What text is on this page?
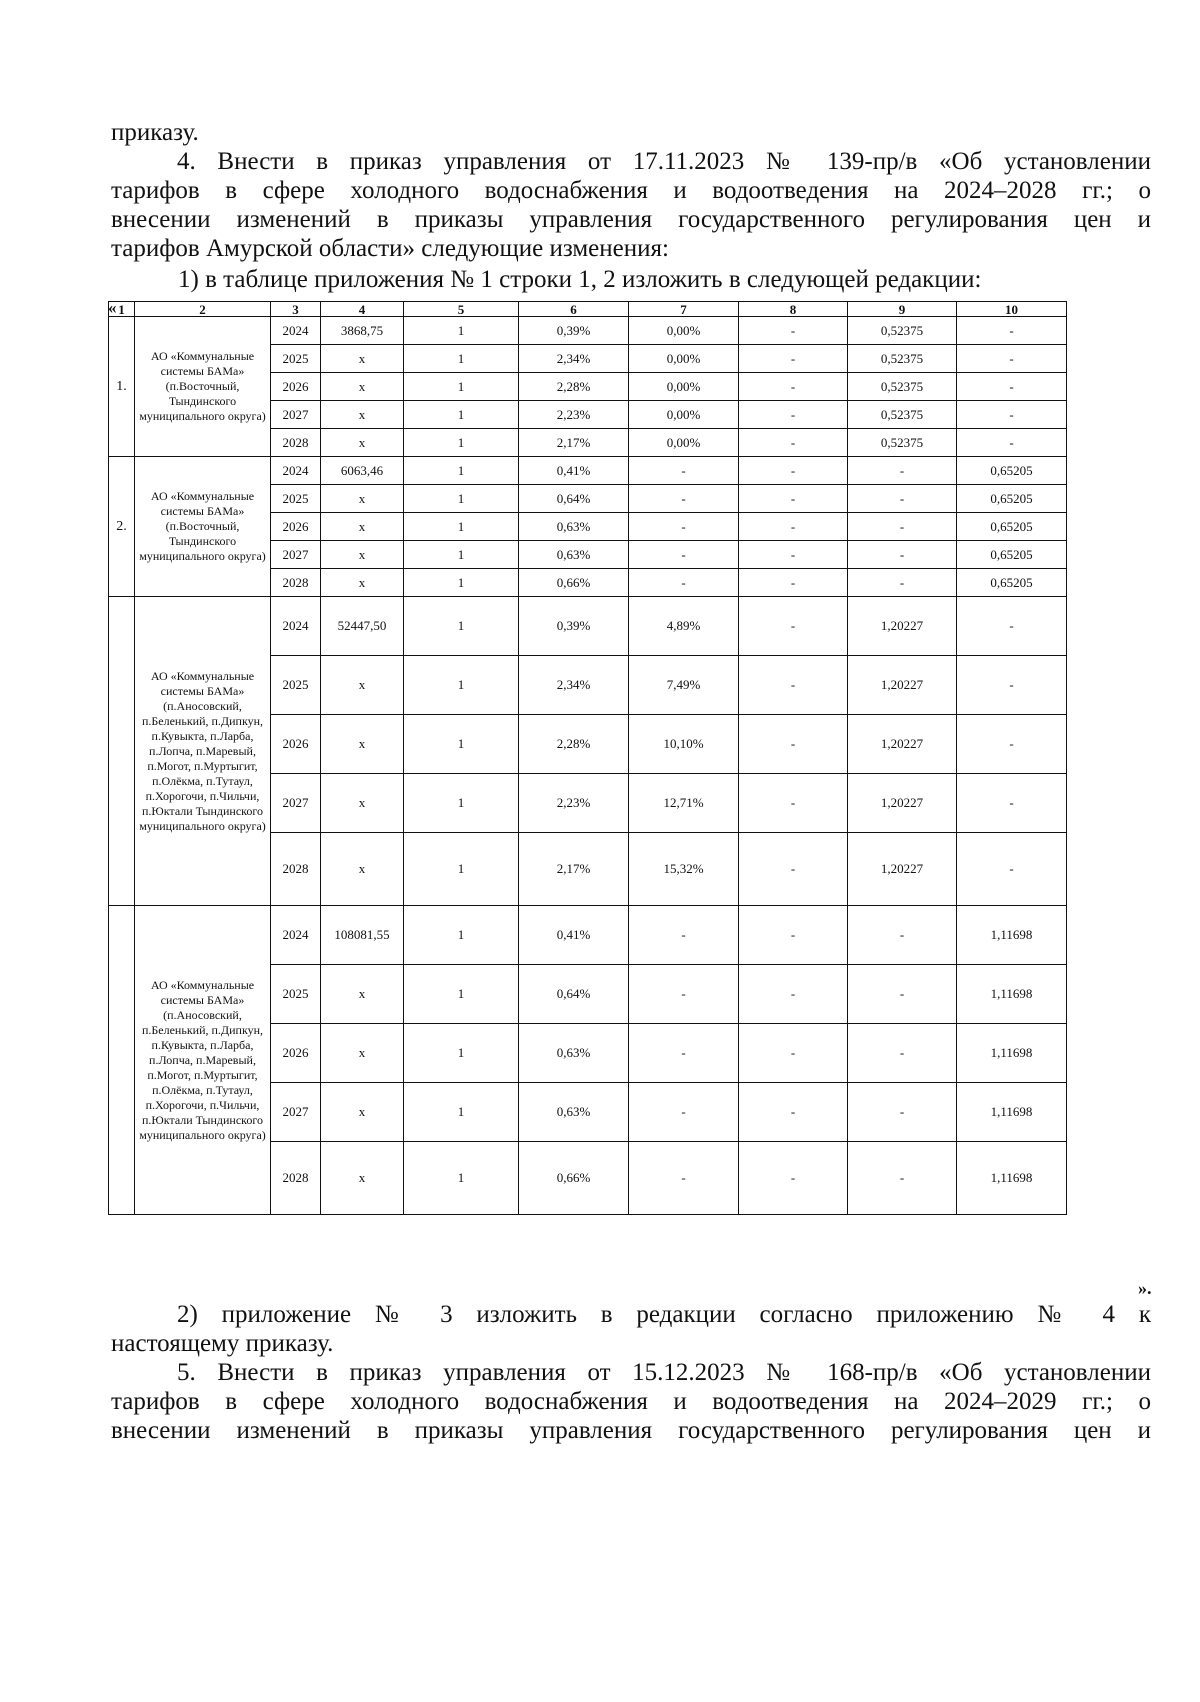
приказу.

4. Внести в приказ управления от 17.11.2023 № 139-пр/в «Об установлении
тарифов в сфере холодного водоснабжения и водоотведения на 2024–2028 гг.; о
внесении изменений в приказы управления государственного регулирования цен и
тарифов Амурской области» следующие изменения:

1) в таблице приложения № 1 строки 1, 2 изложить в следующей редакции:

« 1	2	3	4	5	6	7	8	9	10
1.	АО «Коммунальные системы БАМа» (п.Восточный, Тындинского муниципального округа)	2024	3868,75	1	0,39%	0,00%	-	0,52375	-
		2025	х	1	2,34%	0,00%	-	0,52375	-
		2026	х	1	2,28%	0,00%	-	0,52375	-
		2027	х	1	2,23%	0,00%	-	0,52375	-
		2028	х	1	2,17%	0,00%	-	0,52375	-
2.	АО «Коммунальные системы БАМа» (п.Восточный, Тындинского муниципального округа)	2024	6063,46	1	0,41%	-	-	-	0,65205
		2025	х	1	0,64%	-	-	-	0,65205
		2026	х	1	0,63%	-	-	-	0,65205
		2027	х	1	0,63%	-	-	-	0,65205
		2028	х	1	0,66%	-	-	-	0,65205
	АО «Коммунальные системы БАМа» (п.Аносовский, п.Беленький, п.Дипкун, п.Кувыкта, п.Ларба, п.Лопча, п.Маревый, п.Могот, п.Муртыгит, п.Олёкма, п.Тутаул, п.Хорогочи, п.Чильчи, п.Юктали Тындинского муниципального округа)	2024	52447,50	1	0,39%	4,89%	-	1,20227	-
		2025	х	1	2,34%	7,49%	-	1,20227	-
		2026	х	1	2,28%	10,10%	-	1,20227	-
		2027	х	1	2,23%	12,71%	-	1,20227	-
		2028	х	1	2,17%	15,32%	-	1,20227	-
	АО «Коммунальные системы БАМа» (п.Аносовский, п.Беленький, п.Дипкун, п.Кувыкта, п.Ларба, п.Лопча, п.Маревый, п.Могот, п.Муртыгит, п.Олёкма, п.Тутаул, п.Хорогочи, п.Чильчи, п.Юктали Тындинского муниципального округа)	2024	108081,55	1	0,41%	-	-	-	1,11698
		2025	х	1	0,64%	-	-	-	1,11698
		2026	х	1	0,63%	-	-	-	1,11698
		2027	х	1	0,63%	-	-	-	1,11698
		2028	х	1	0,66%	-	-	-	1,11698
».

2) приложение № 3 изложить в редакции согласно приложению № 4 к
настоящему приказу.

5. Внести в приказ управления от 15.12.2023 № 168-пр/в «Об установлении
тарифов в сфере холодного водоснабжения и водоотведения на 2024–2029 гг.; о
внесении изменений в приказы управления государственного регулирования цен и
